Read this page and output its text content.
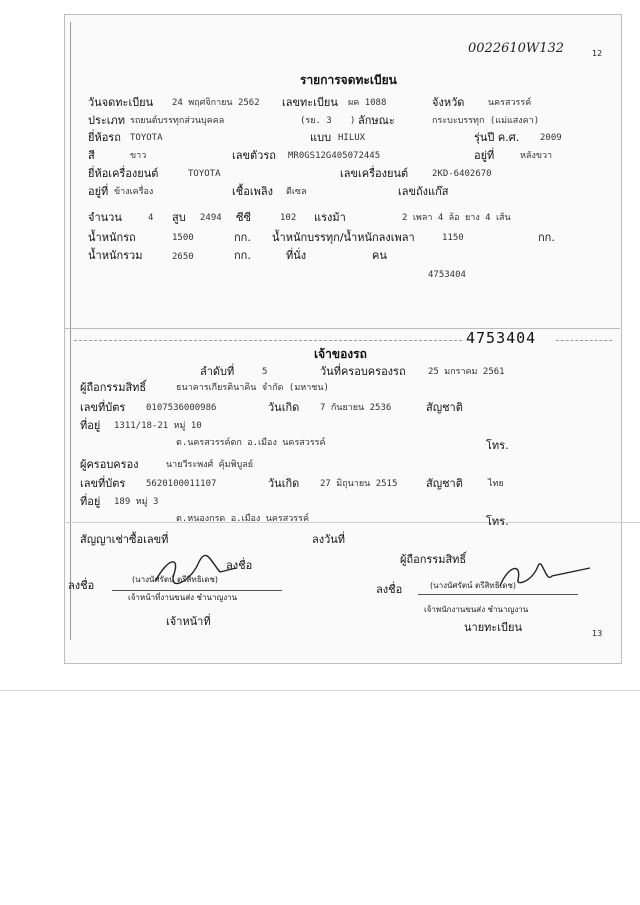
0022610W132	12
13
รายการจดทะเบียน
วันจดทะเบียน 24 พฤศจิกายน 2562 เลขทะเบียน ผค 1088	จังหวัด	นครสวรรค์
ประเภท รถยนต์บรรทุกส่วนบุคคล	(รย. 3 ) ลักษณะ	กระบะบรรทุก (แม่แสงคา)
ยี่ห้อรถ TOYOTA	แบบ HILUX	รุ่นปี ค.ศ. 2009
สี	ขาว	เลขตัวรถ MR0GS12G405072445	อยู่ที่	หลังขวา
ยี่ห้อเครื่องยนต์	TOYOTA	เลขเครื่องยนต์	2KD-6402670
อยู่ที่ ข้างเครื่อง	เชื้อเพลิง ดีเซล	เลขถังแก๊ส
จำนวน	4 สูบ 2494 ซีซี	102 แรงม้า	2 เพลา 4 ล้อ ยาง 4 เส้น
น้ำหนักรถ	1500	กก. น้ำหนักบรรทุก/น้ำหนักลงเพลา	1150	กก.
น้ำหนักรวม	2650	กก.	ที่นั่ง	คน
4753404
4753404
เจ้าของรถ
ลำดับที่	5	วันที่ครอบครองรถ 25 มกราคม 2561
ผู้ถือกรรมสิทธิ์	ธนาคารเกียรตินาคิน จำกัด (มหาชน)
เลขที่บัตร 0107536000986	วันเกิด 7 กันยายน 2536	สัญชาติ
ที่อยู่ 1311/18-21 หมู่ 10
ต.นครสวรรค์ตก อ.เมือง นครสวรรค์	โทร.
ผู้ครอบครอง	นายวีระพงศ์ คุ้มพิบูลย์
เลขที่บัตร 5620100011107	วันเกิด 27 มิถุนายน 2515	สัญชาติ	ไทย
ที่อยู่ 189 หมู่ 3
ต.หนองกรด อ.เมือง นครสวรรค์	โทร.
สัญญาเช่าซื้อเลขที่	ลงวันที่
ลงชื่อ
ลงชื่อ	(นางนัศรัตน์ ตรีสิทธิเดช)
เจ้าหน้าที่งานขนส่ง ชำนาญงาน
เจ้าหน้าที่
ผู้ถือกรรมสิทธิ์
ลงชื่อ	(นางนัศรัตน์ ตรีสิทธิเดช)
เจ้าพนักงานขนส่ง ชำนาญงาน
นายทะเบียน
